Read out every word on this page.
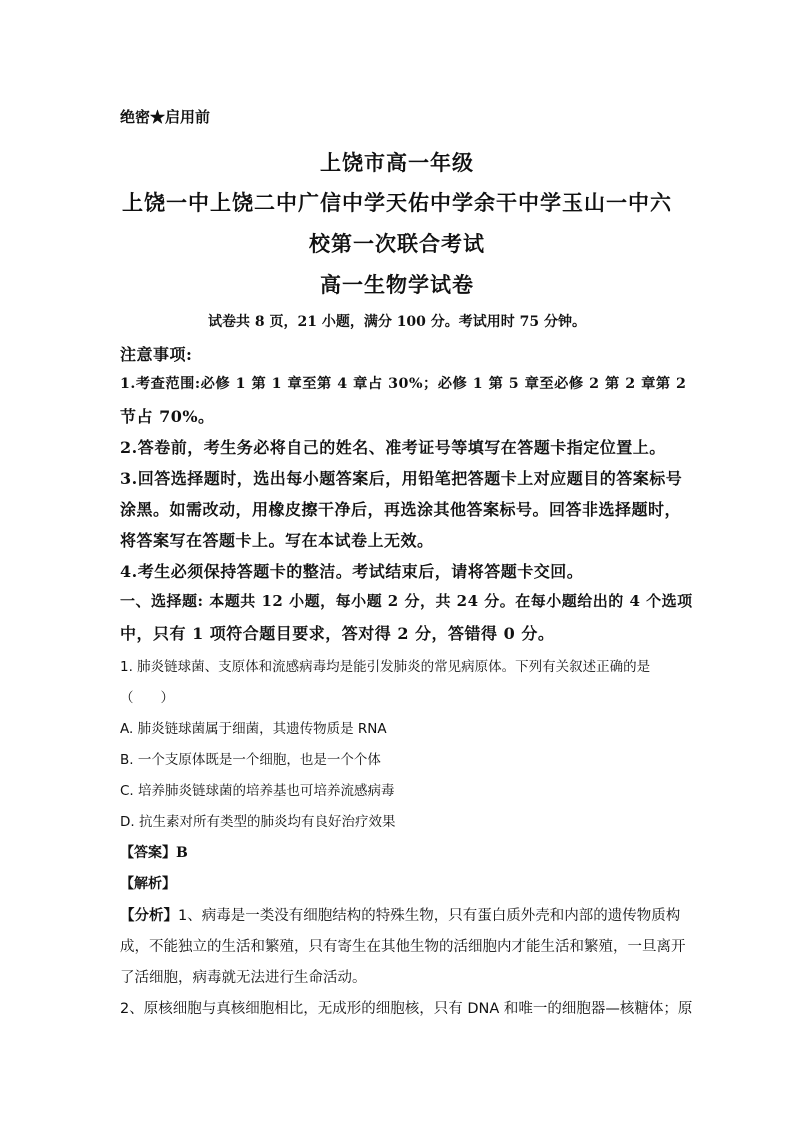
绝密★启用前
上饶市高一年级
上饶一中上饶二中广信中学天佑中学余干中学玉山一中六
校第一次联合考试
高一生物学试卷
试卷共 8 页，21 小题，满分 100 分。考试用时 75 分钟。
注意事项:
1.考查范围:必修 1 第 1 章至第 4 章占 30%；必修 1 第 5 章至必修 2 第 2 章第 2
节占 70%。
2.答卷前，考生务必将自己的姓名、准考证号等填写在答题卡指定位置上。
3.回答选择题时，选出每小题答案后，用铅笔把答题卡上对应题目的答案标号
涂黑。如需改动，用橡皮擦干净后，再选涂其他答案标号。回答非选择题时，
将答案写在答题卡上。写在本试卷上无效。
4.考生必须保持答题卡的整洁。考试结束后，请将答题卡交回。
一、选择题: 本题共 12 小题，每小题 2 分，共 24 分。在每小题给出的 4 个选项
中，只有 1 项符合题目要求，答对得 2 分，答错得 0 分。
1. 肺炎链球菌、支原体和流感病毒均是能引发肺炎的常见病原体。下列有关叙述正确的是
（　　）
A. 肺炎链球菌属于细菌，其遗传物质是 RNA
B. 一个支原体既是一个细胞，也是一个个体
C. 培养肺炎链球菌的培养基也可培养流感病毒
D. 抗生素对所有类型的肺炎均有良好治疗效果
【答案】B
【解析】
【分析】1、病毒是一类没有细胞结构的特殊生物，只有蛋白质外壳和内部的遗传物质构
成，不能独立的生活和繁殖，只有寄生在其他生物的活细胞内才能生活和繁殖，一旦离开
了活细胞，病毒就无法进行生命活动。
2、原核细胞与真核细胞相比，无成形的细胞核，只有 DNA 和唯一的细胞器—核糖体；原
